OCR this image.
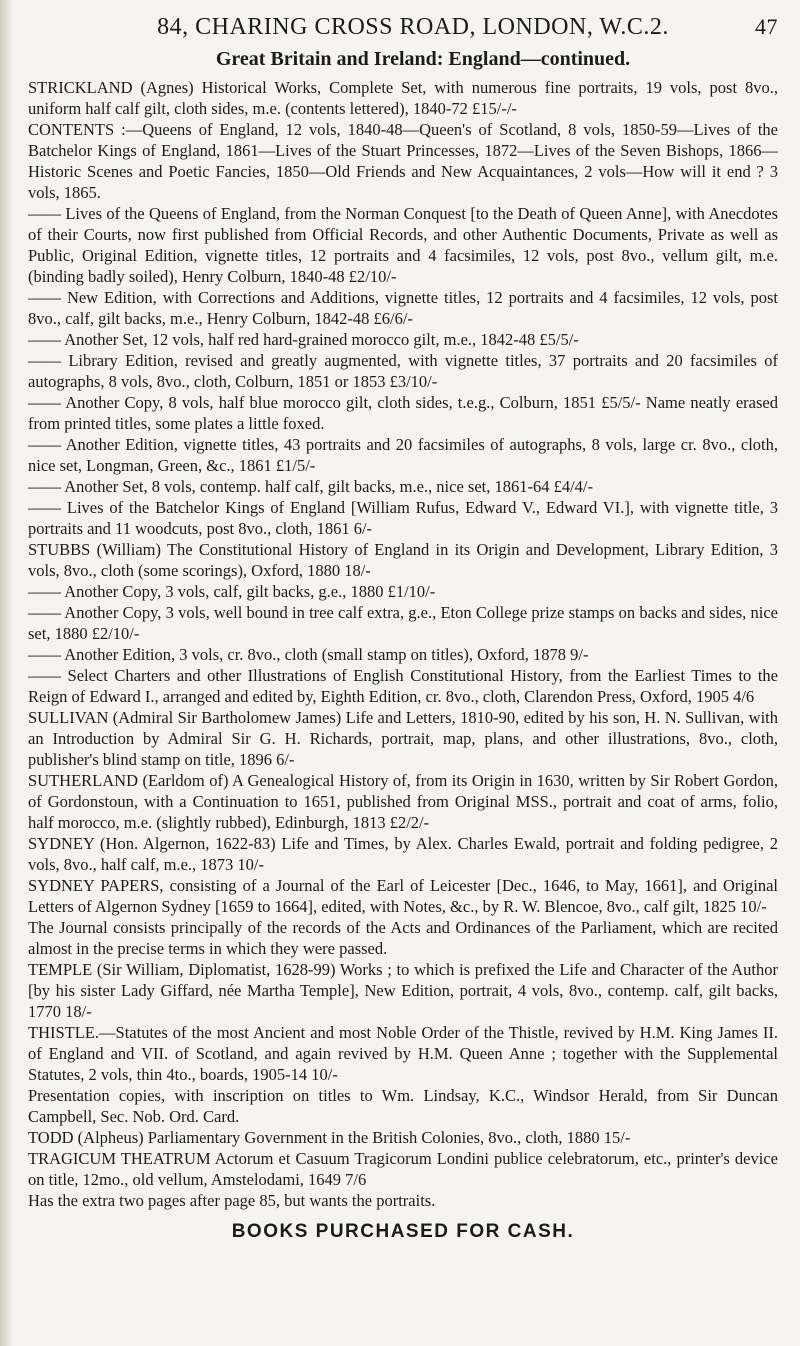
84, CHARING CROSS ROAD, LONDON, W.C.2.	47
Great Britain and Ireland: England—continued.

STRICKLAND (Agnes) Historical Works, Complete Set, with numerous fine portraits, 19 vols, post 8vo., uniform half calf gilt, cloth sides, m.e. (contents lettered), 1840-72 £15/-/-

CONTENTS :—Queens of England, 12 vols, 1840-48—Queen's of Scotland, 8 vols, 1850-59—Lives of the Batchelor Kings of England, 1861—Lives of the Stuart Princesses, 1872—Lives of the Seven Bishops, 1866—Historic Scenes and Poetic Fancies, 1850—Old Friends and New Acquaintances, 2 vols—How will it end ? 3 vols, 1865.

—— Lives of the Queens of England, from the Norman Conquest [to the Death of Queen Anne], with Anecdotes of their Courts, now first published from Official Records, and other Authentic Documents, Private as well as Public, Original Edition, vignette titles, 12 portraits and 4 facsimiles, 12 vols, post 8vo., vellum gilt, m.e. (binding badly soiled), Henry Colburn, 1840-48 £2/10/-

—— New Edition, with Corrections and Additions, vignette titles, 12 portraits and 4 facsimiles, 12 vols, post 8vo., calf, gilt backs, m.e., Henry Colburn, 1842-48 £6/6/-

—— Another Set, 12 vols, half red hard-grained morocco gilt, m.e., 1842-48 £5/5/-

—— Library Edition, revised and greatly augmented, with vignette titles, 37 portraits and 20 facsimiles of autographs, 8 vols, 8vo., cloth, Colburn, 1851 or 1853 £3/10/-

—— Another Copy, 8 vols, half blue morocco gilt, cloth sides, t.e.g., Colburn, 1851 £5/5/- Name neatly erased from printed titles, some plates a little foxed.

—— Another Edition, vignette titles, 43 portraits and 20 facsimiles of autographs, 8 vols, large cr. 8vo., cloth, nice set, Longman, Green, &c., 1861 £1/5/-

—— Another Set, 8 vols, contemp. half calf, gilt backs, m.e., nice set, 1861-64 £4/4/-

—— Lives of the Batchelor Kings of England [William Rufus, Edward V., Edward VI.], with vignette title, 3 portraits and 11 woodcuts, post 8vo., cloth, 1861 6/-

STUBBS (William) The Constitutional History of England in its Origin and Development, Library Edition, 3 vols, 8vo., cloth (some scorings), Oxford, 1880 18/-

—— Another Copy, 3 vols, calf, gilt backs, g.e., 1880 £1/10/-

—— Another Copy, 3 vols, well bound in tree calf extra, g.e., Eton College prize stamps on backs and sides, nice set, 1880 £2/10/-

—— Another Edition, 3 vols, cr. 8vo., cloth (small stamp on titles), Oxford, 1878 9/-

—— Select Charters and other Illustrations of English Constitutional History, from the Earliest Times to the Reign of Edward I., arranged and edited by, Eighth Edition, cr. 8vo., cloth, Clarendon Press, Oxford, 1905 4/6

SULLIVAN (Admiral Sir Bartholomew James) Life and Letters, 1810-90, edited by his son, H. N. Sullivan, with an Introduction by Admiral Sir G. H. Richards, portrait, map, plans, and other illustrations, 8vo., cloth, publisher's blind stamp on title, 1896 6/-

SUTHERLAND (Earldom of) A Genealogical History of, from its Origin in 1630, written by Sir Robert Gordon, of Gordonstoun, with a Continuation to 1651, published from Original MSS., portrait and coat of arms, folio, half morocco, m.e. (slightly rubbed), Edinburgh, 1813 £2/2/-

SYDNEY (Hon. Algernon, 1622-83) Life and Times, by Alex. Charles Ewald, portrait and folding pedigree, 2 vols, 8vo., half calf, m.e., 1873 10/-

SYDNEY PAPERS, consisting of a Journal of the Earl of Leicester [Dec., 1646, to May, 1661], and Original Letters of Algernon Sydney [1659 to 1664], edited, with Notes, &c., by R. W. Blencoe, 8vo., calf gilt, 1825 10/-

The Journal consists principally of the records of the Acts and Ordinances of the Parliament, which are recited almost in the precise terms in which they were passed.

TEMPLE (Sir William, Diplomatist, 1628-99) Works ; to which is prefixed the Life and Character of the Author [by his sister Lady Giffard, née Martha Temple], New Edition, portrait, 4 vols, 8vo., contemp. calf, gilt backs, 1770 18/-

THISTLE.—Statutes of the most Ancient and most Noble Order of the Thistle, revived by H.M. King James II. of England and VII. of Scotland, and again revived by H.M. Queen Anne ; together with the Supplemental Statutes, 2 vols, thin 4to., boards, 1905-14 10/-

Presentation copies, with inscription on titles to Wm. Lindsay, K.C., Windsor Herald, from Sir Duncan Campbell, Sec. Nob. Ord. Card.

TODD (Alpheus) Parliamentary Government in the British Colonies, 8vo., cloth, 1880 15/-

TRAGICUM THEATRUM Actorum et Casuum Tragicorum Londini publice celebratorum, etc., printer's device on title, 12mo., old vellum, Amstelodami, 1649 7/6

Has the extra two pages after page 85, but wants the portraits.

BOOKS PURCHASED FOR CASH.
